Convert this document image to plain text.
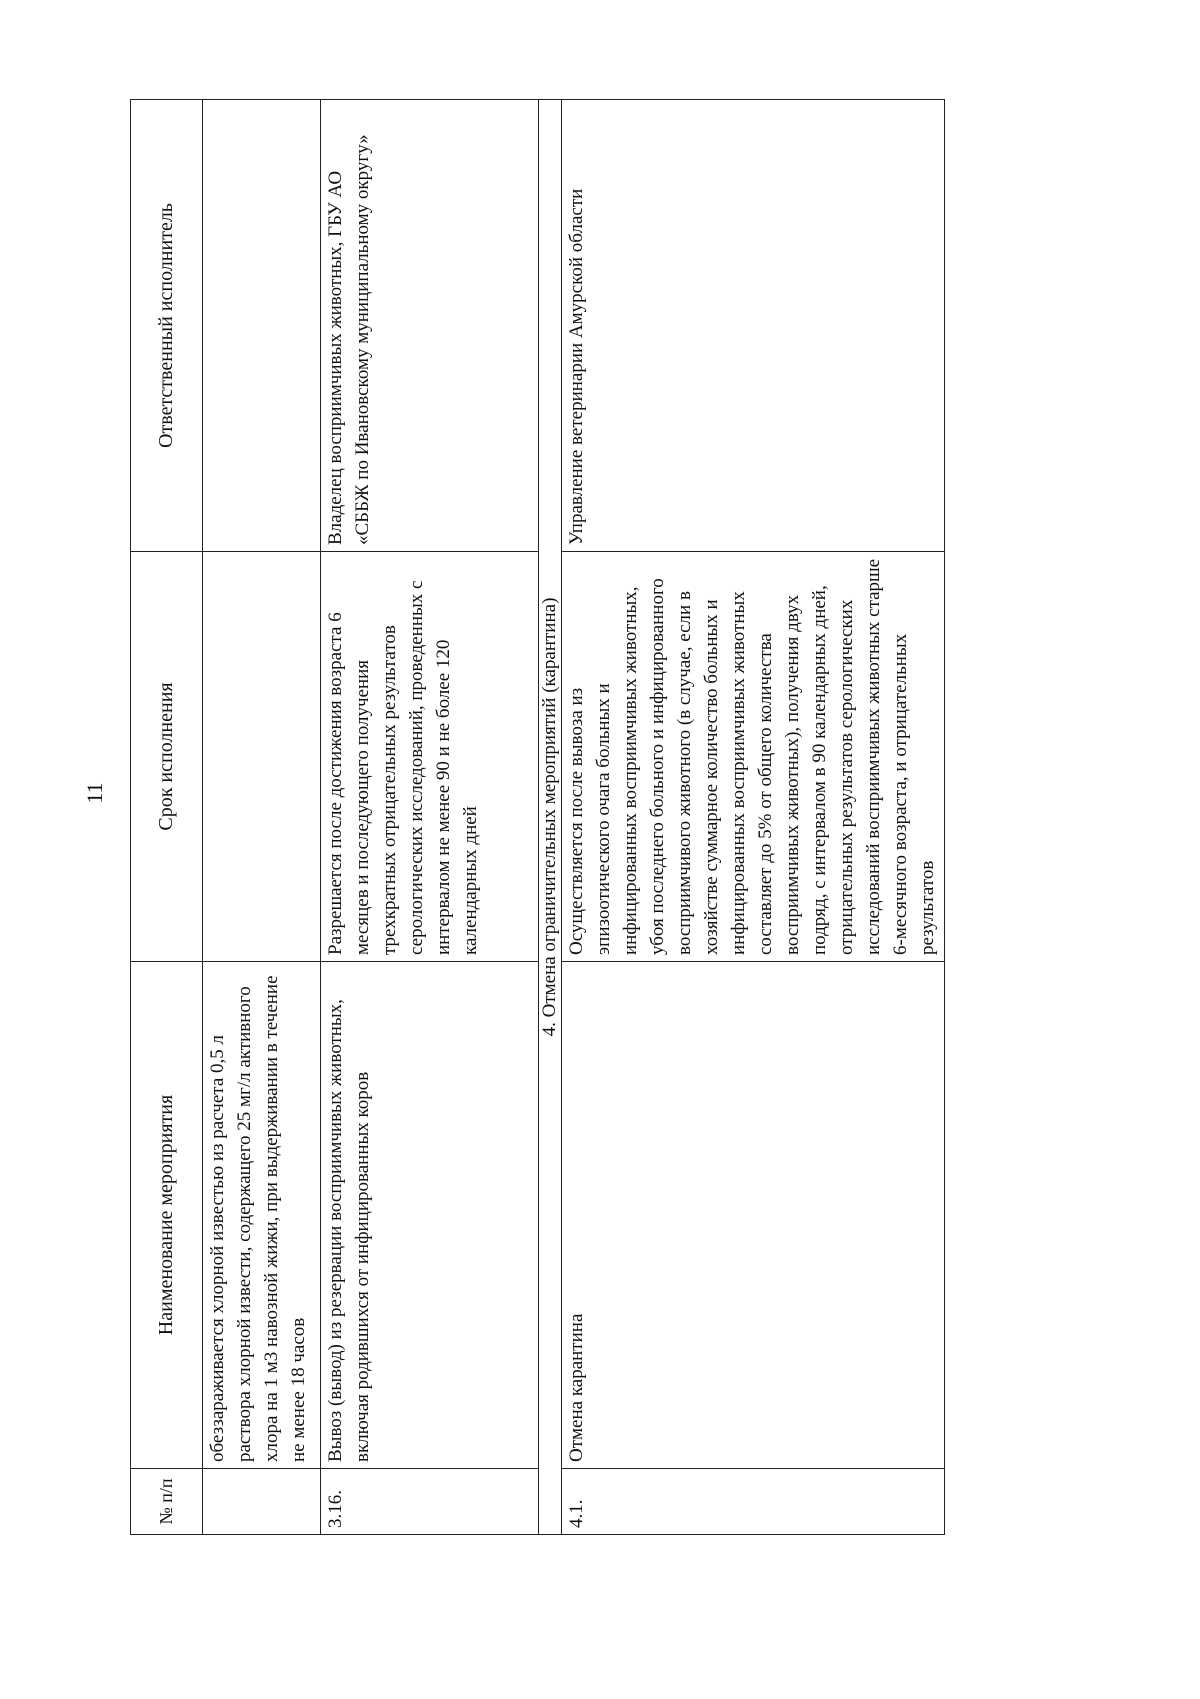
11
№ п/п	Наименование мероприятия	Срок исполнения	Ответственный исполнитель
	обеззараживается хлорной известью из расчета 0,5 л раствора хлорной извести, содержащего 25 мг/л активного хлора на 1 м3 навозной жижи, при выдерживании в течение не менее 18 часов		
3.16.	Вывоз (вывод) из резервации восприимчивых животных, включая родившихся от инфицированных коров	Разрешается после достижения возраста 6 месяцев и последующего получения трехкратных отрицательных результатов серологических исследований, проведенных с интервалом не менее 90 и не более 120 календарных дней	Владелец восприимчивых животных, ГБУ АО «СББЖ по Ивановскому муниципальному округу»
4. Отмена ограничительных мероприятий (карантина)			
4.1.	Отмена карантина	Осуществляется после вывоза из эпизоотического очага больных и инфицированных восприимчивых животных, убоя последнего больного и инфицированного восприимчивого животного (в случае, если в хозяйстве суммарное количество больных и инфицированных восприимчивых животных составляет до 5% от общего количества восприимчивых животных), получения двух подряд, с интервалом в 90 календарных дней, отрицательных результатов серологических исследований восприимчивых животных старше 6-месячного возраста, и отрицательных результатов	Управление ветеринарии Амурской области
